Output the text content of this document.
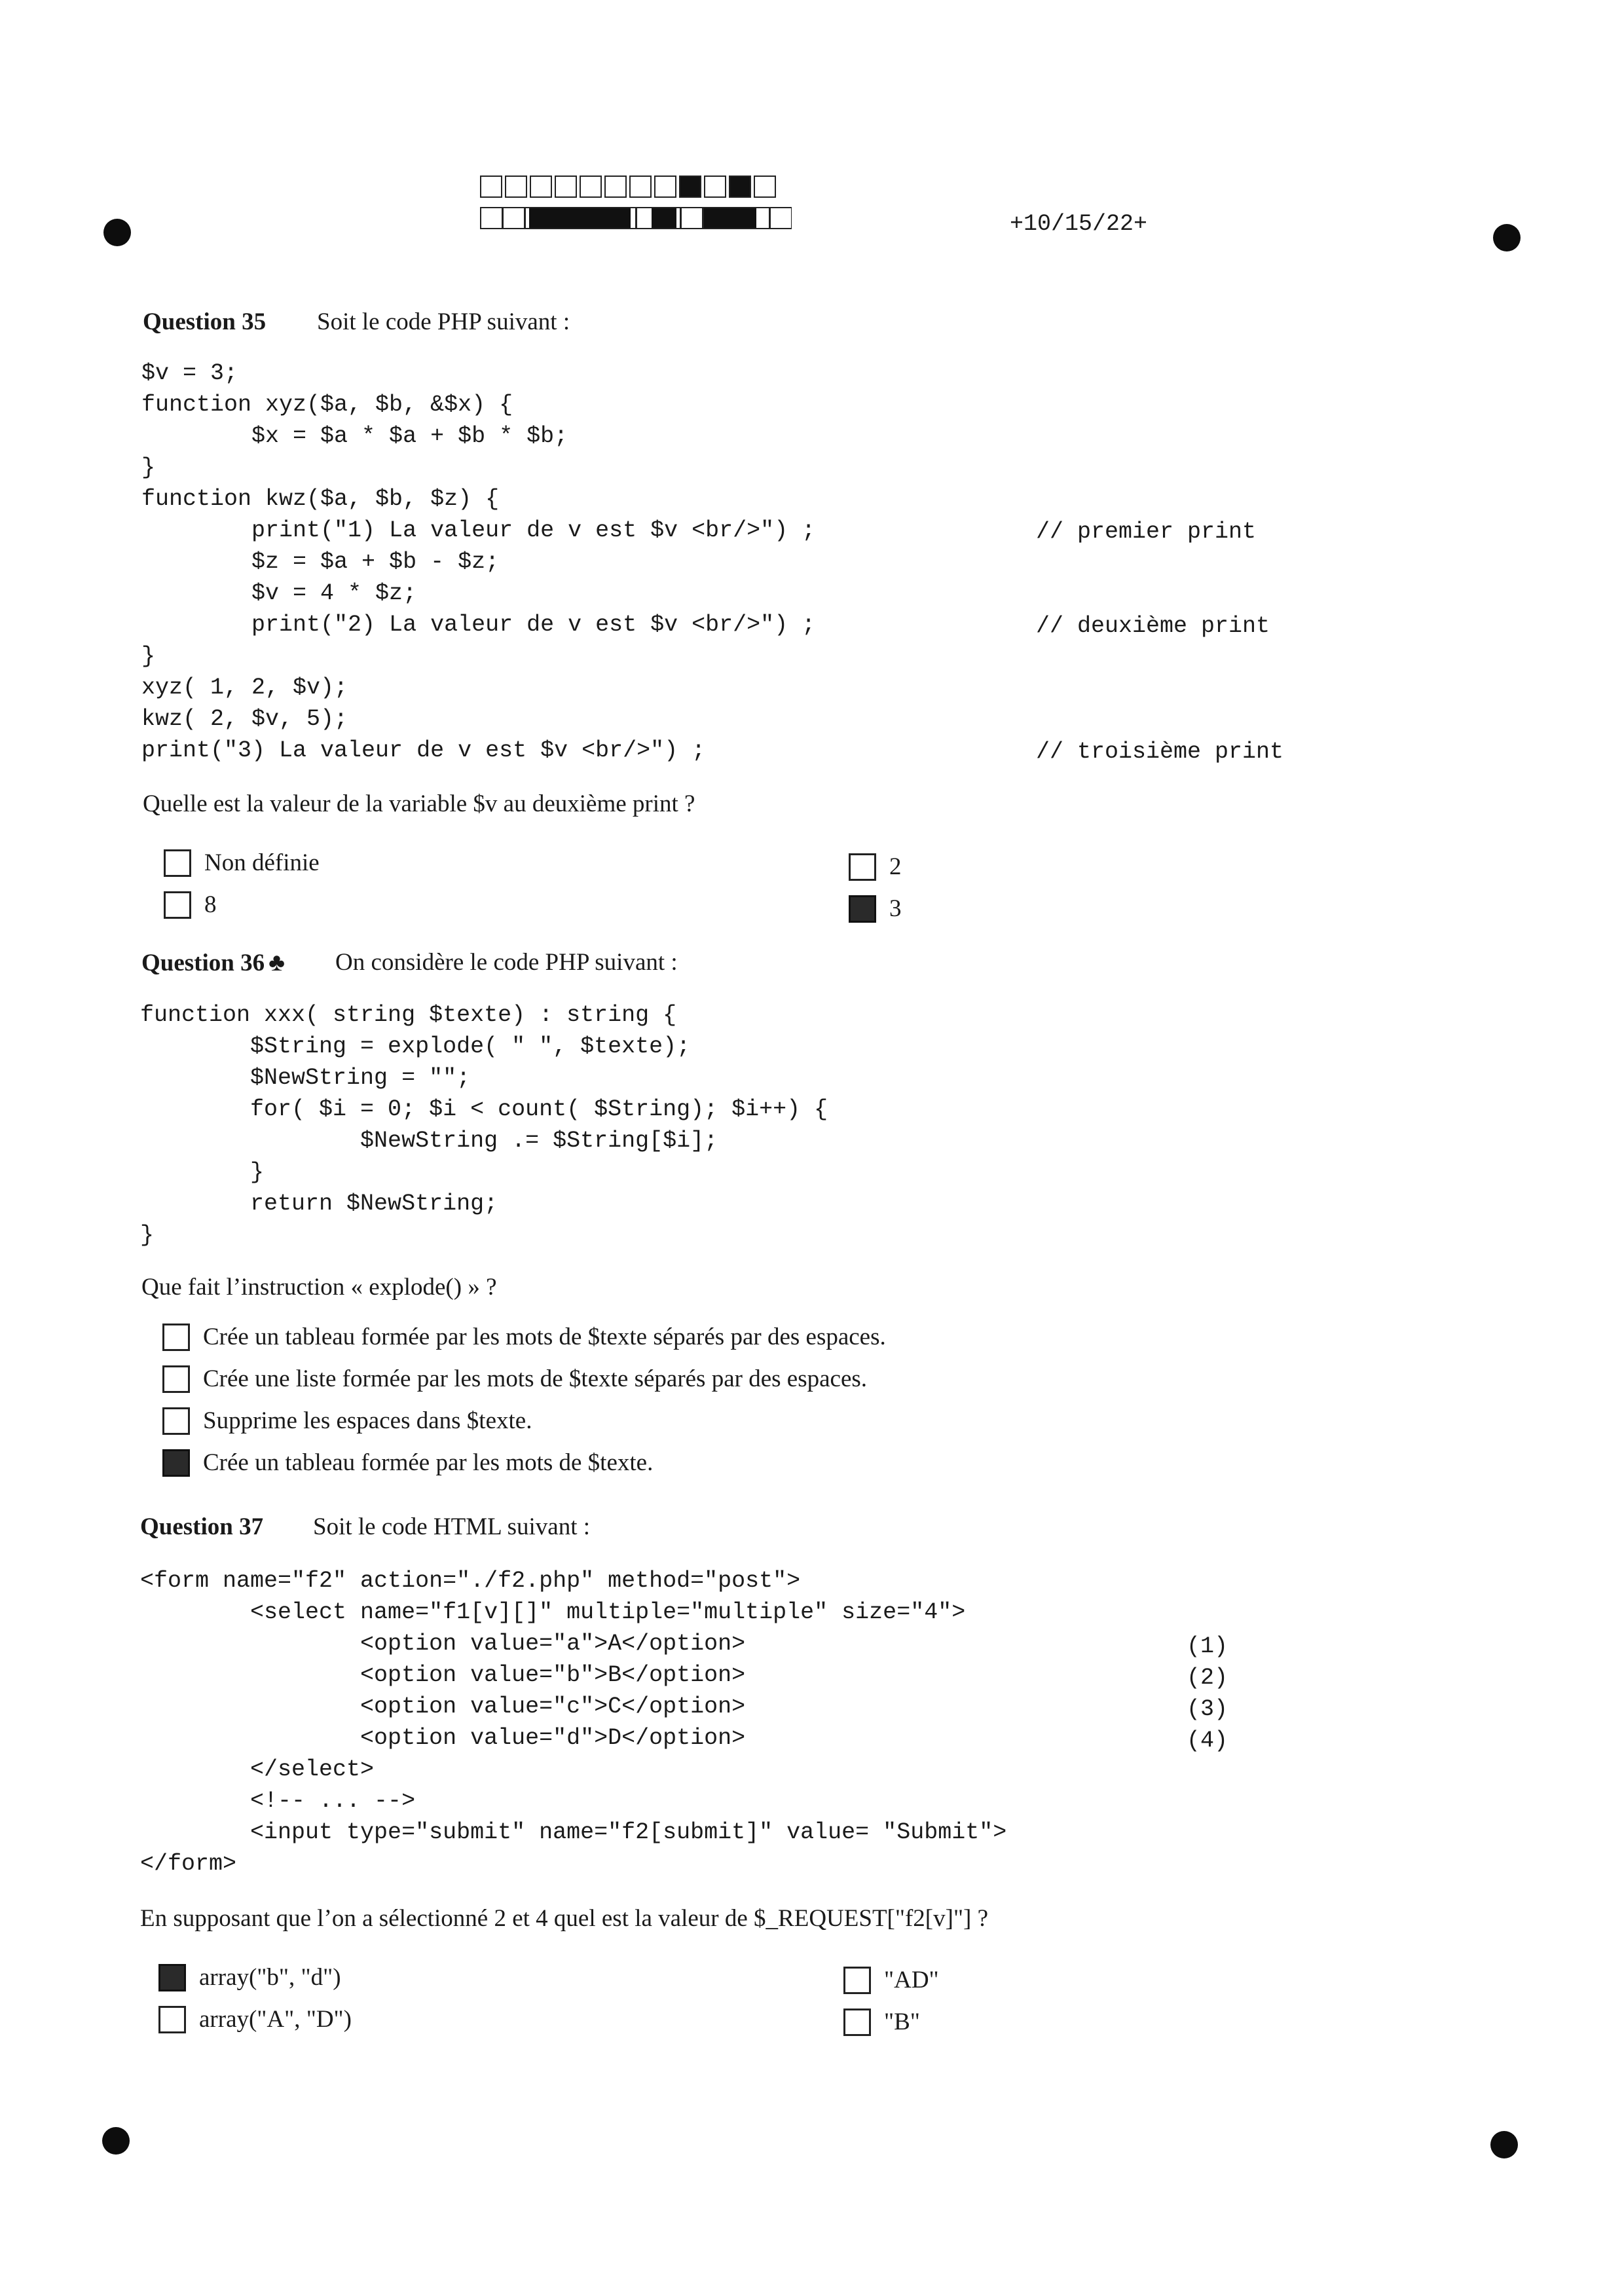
+10/15/22+
Question 35 Soit le code PHP suivant :
$v = 3;
function xyz($a, $b, &$x) {
$x = $a * $a + $b * $b;
}
function kwz($a, $b, $z) {
print("1) La valeur de v est $v <br/>") ;
$z = $a + $b - $z;
$v = 4 * $z;
print("2) La valeur de v est $v <br/>") ;
}
xyz( 1, 2, $v);
kwz( 2, $v, 5);
print("3) La valeur de v est $v <br/>") ;
// premier print
// deuxième print
// troisième print
Quelle est la valeur de la variable $v au deuxième print ?
Non définie
8
2
3
Question 36 ♣ On considère le code PHP suivant :
function xxx( string $texte) : string {
$String = explode( " ", $texte);
$NewString = "";
for( $i = 0; $i < count( $String); $i++) {
$NewString .= $String[$i];
}
return $NewString;
}
Que fait l’instruction « explode() » ?
Crée un tableau formée par les mots de $texte séparés par des espaces.
Crée une liste formée par les mots de $texte séparés par des espaces.
Supprime les espaces dans $texte.
Crée un tableau formée par les mots de $texte.
Question 37 Soit le code HTML suivant :
<form name="f2" action="./f2.php" method="post">
<select name="f1[v][]" multiple="multiple" size="4">
<option value="a">A</option>
<option value="b">B</option>
<option value="c">C</option>
<option value="d">D</option>
</select>
<!-- ... -->
<input type="submit" name="f2[submit]" value= "Submit">
</form>
(1)
(2)
(3)
(4)
En supposant que l’on a sélectionné 2 et 4 quel est la valeur de $_REQUEST["f2[v]"] ?
array("b", "d")
array("A", "D")
"AD"
"B"
